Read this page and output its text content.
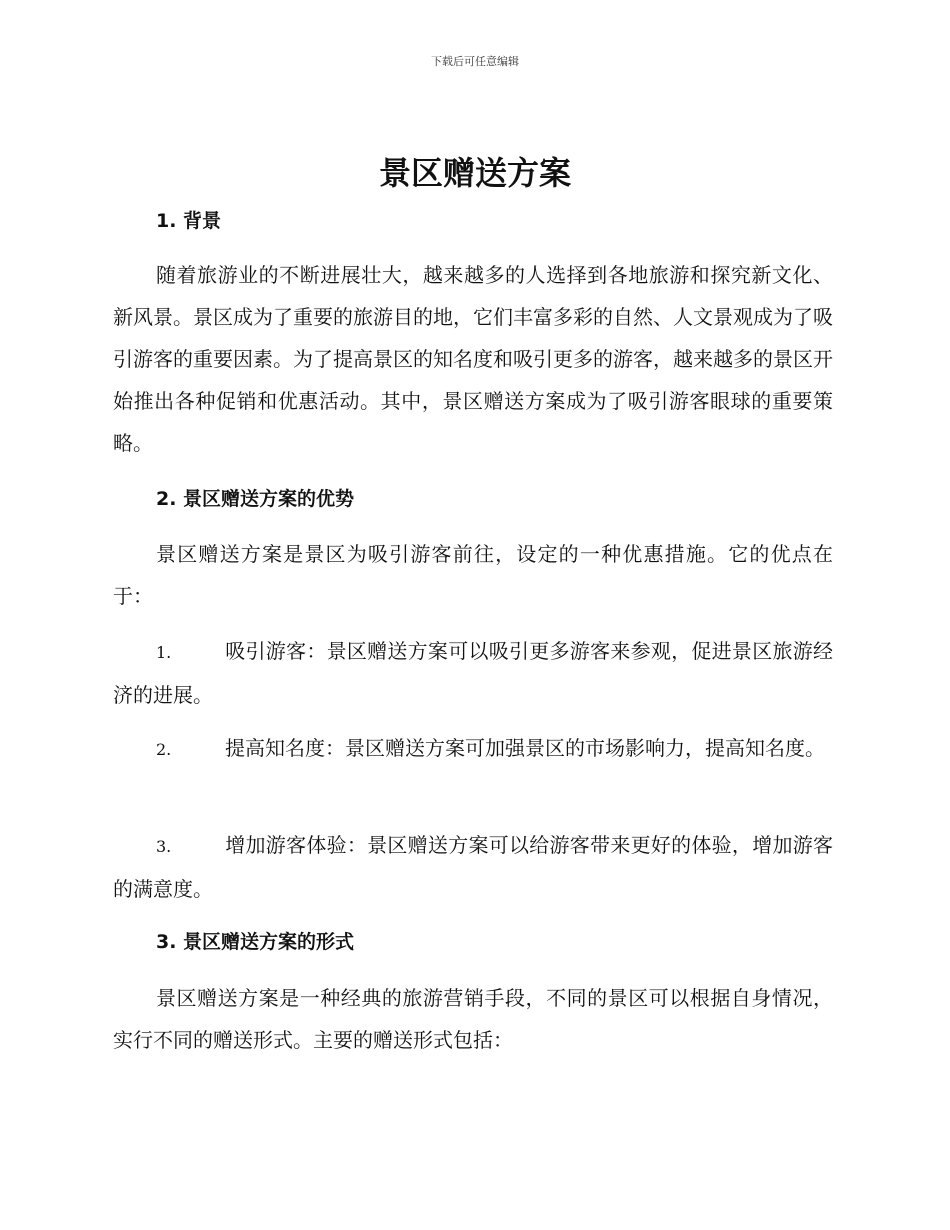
下载后可任意编辑
景区赠送方案
1. 背景

随着旅游业的不断进展壮大，越来越多的人选择到各地旅游和探究新文化、新风景。景区成为了重要的旅游目的地，它们丰富多彩的自然、人文景观成为了吸引游客的重要因素。为了提高景区的知名度和吸引更多的游客，越来越多的景区开始推出各种促销和优惠活动。其中，景区赠送方案成为了吸引游客眼球的重要策略。

2. 景区赠送方案的优势

景区赠送方案是景区为吸引游客前往，设定的一种优惠措施。它的优点在于：

1.	吸引游客：景区赠送方案可以吸引更多游客来参观，促进景区旅游经济的进展。
2.	提高知名度：景区赠送方案可加强景区的市场影响力，提高知名度。
3.	增加游客体验：景区赠送方案可以给游客带来更好的体验，增加游客的满意度。
3. 景区赠送方案的形式

景区赠送方案是一种经典的旅游营销手段，不同的景区可以根据自身情况，实行不同的赠送形式。主要的赠送形式包括：
